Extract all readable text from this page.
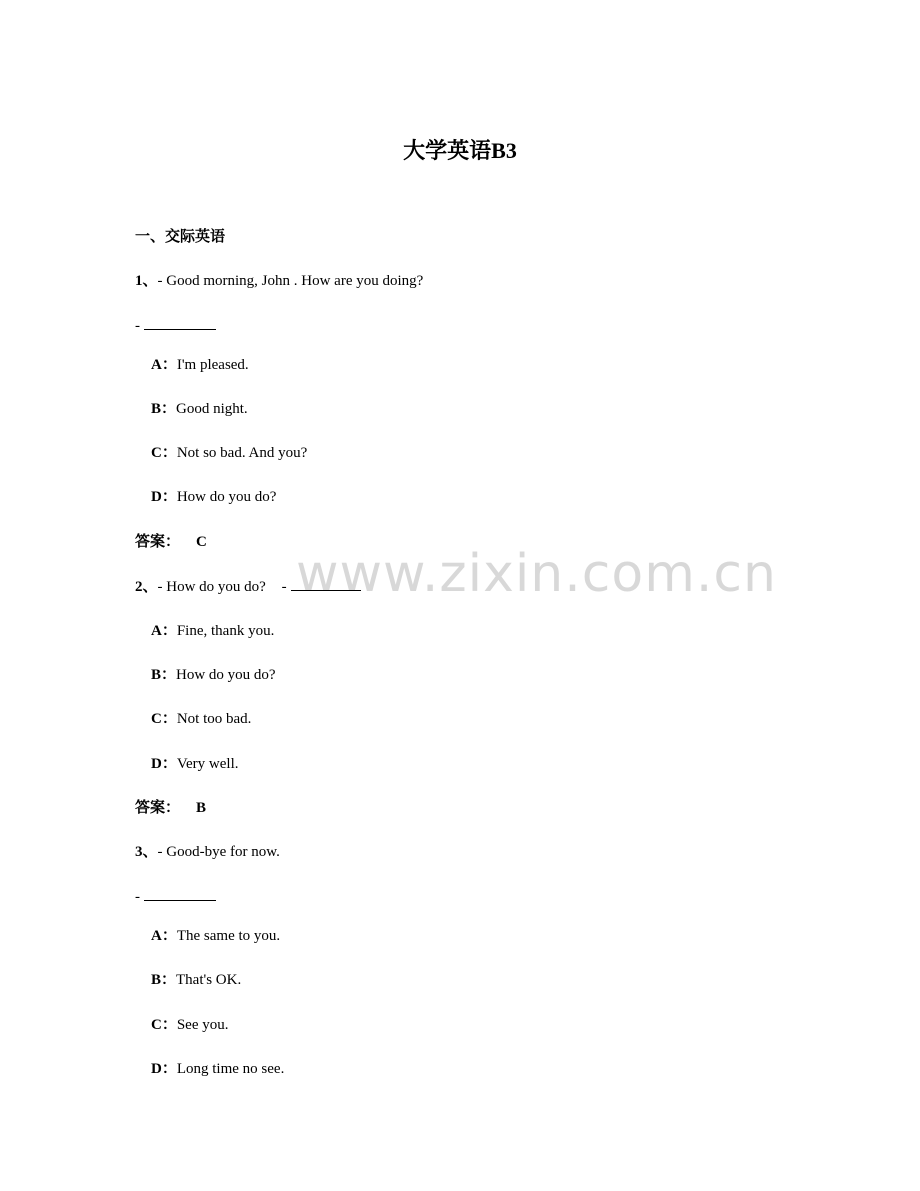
www.zixin.com.cn
大学英语B3
一、交际英语
1、- Good morning, John . How are you doing?
-
A：I'm pleased.
B：Good night.
C：Not so bad. And you?
D：How do you do?
答案： C
2、- How do you do? -
A：Fine, thank you.
B：How do you do?
C：Not too bad.
D：Very well.
答案： B
3、- Good-bye for now.
-
A：The same to you.
B：That's OK.
C：See you.
D：Long time no see.
